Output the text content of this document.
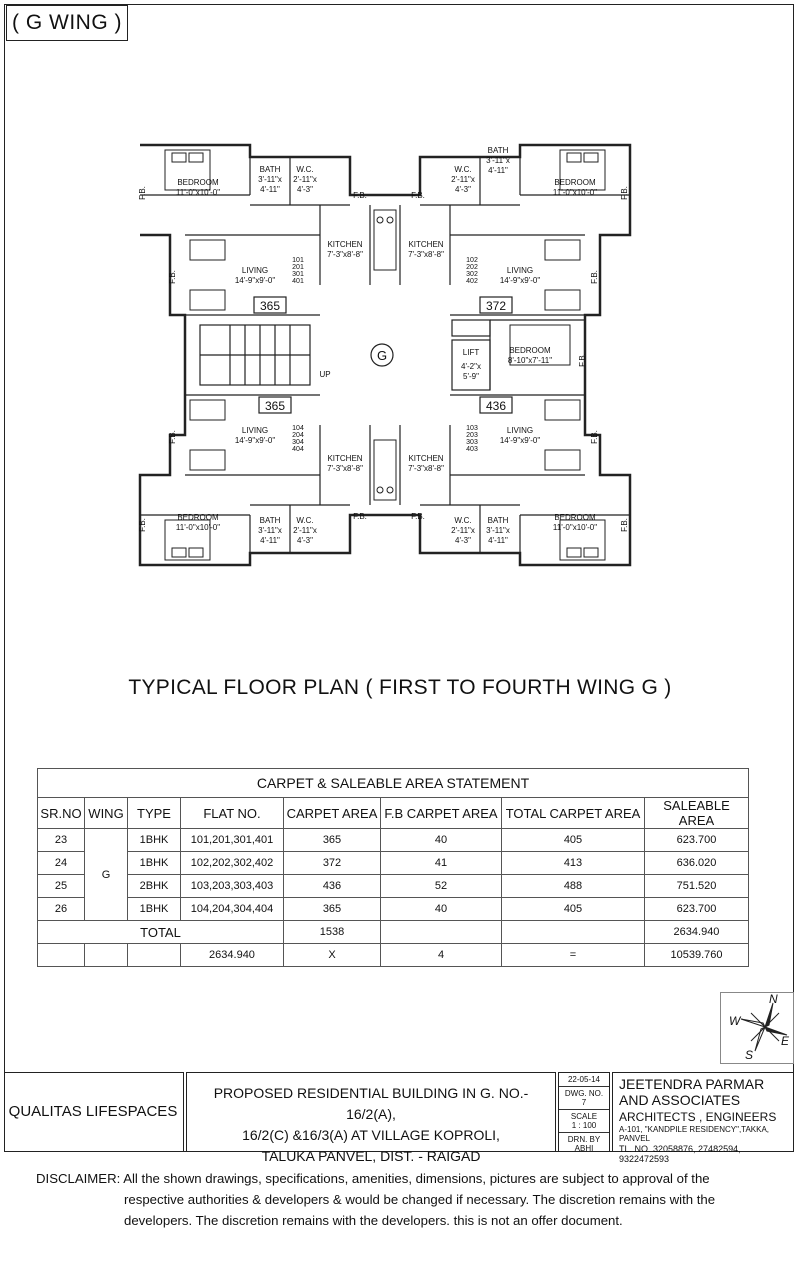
( G WING )
BEDROOM
11'-0"x10'-0"
BEDROOM
11'-0"x10'-0"
BEDROOM
11'-0"x10'-0"
BEDROOM
11'-0"x10'-0"
BEDROOM
8'-10"x7'-11"
BATH
3'-11"x
4'-11"
BATH
3'-11"x
4'-11"
BATH
3'-11"x
4'-11"
BATH
3'-11"x
4'-11"
W.C.
2'-11"x
4'-3"
W.C.
2'-11"x
4'-3"
W.C.
2'-11"x
4'-3"
W.C.
2'-11"x
4'-3"
KITCHEN
7'-3"x8'-8"
KITCHEN
7'-3"x8'-8"
KITCHEN
7'-3"x8'-8"
KITCHEN
7'-3"x8'-8"
LIVING
14'-9"x9'-0"
LIVING
14'-9"x9'-0"
LIVING
14'-9"x9'-0"
LIVING
14'-9"x9'-0"
LIFT
4'-2"x
5'-9"
UP
F.B.	F.B.
F.B.	F.B.
F.B.	F.B.
F.B.	F.B.
F.B.	F.B.
F.B.	F.B.
F.B.
101
201
301
401
102
202
302
402
104
204
304
404
103
203
303
403
365	372
365	436
G
TYPICAL FLOOR PLAN ( FIRST TO FOURTH WING G )
CARPET & SALEABLE AREA STATEMENT							
SR.NO	WING	TYPE	FLAT NO.	CARPET AREA	F.B CARPET AREA	TOTAL CARPET AREA	SALEABLE AREA
23	G	1BHK	101,201,301,401	365	40	405	623.700
24		1BHK	102,202,302,402	372	41	413	636.020
25		2BHK	103,203,303,403	436	52	488	751.520
26		1BHK	104,204,304,404	365	40	405	623.700
TOTAL				1538			2634.940
			2634.940	X	4	=	10539.760
N
W
E
S
QUALITAS LIFESPACES
PROPOSED RESIDENTIAL BUILDING IN G. NO.- 16/2(A),
16/2(C) &16/3(A) AT VILLAGE KOPROLI,
TALUKA PANVEL, DIST. - RAIGAD
22-05-14
DWG. NO.
7
SCALE
1 : 100
DRN. BY
ABHI
JEETENDRA PARMAR
AND ASSOCIATES
ARCHITECTS , ENGINEERS
A-101, "KANDPILE RESIDENCY",TAKKA, PANVEL
TL. NO. 32058876, 27482594, 9322472593

DISCLAIMER: All the shown drawings, specifications, amenities, dimensions, pictures are subject to approval of the

respective authorities & developers & would be changed if necessary. The discretion remains with the

developers. The discretion remains with the developers. this is not an offer document.
